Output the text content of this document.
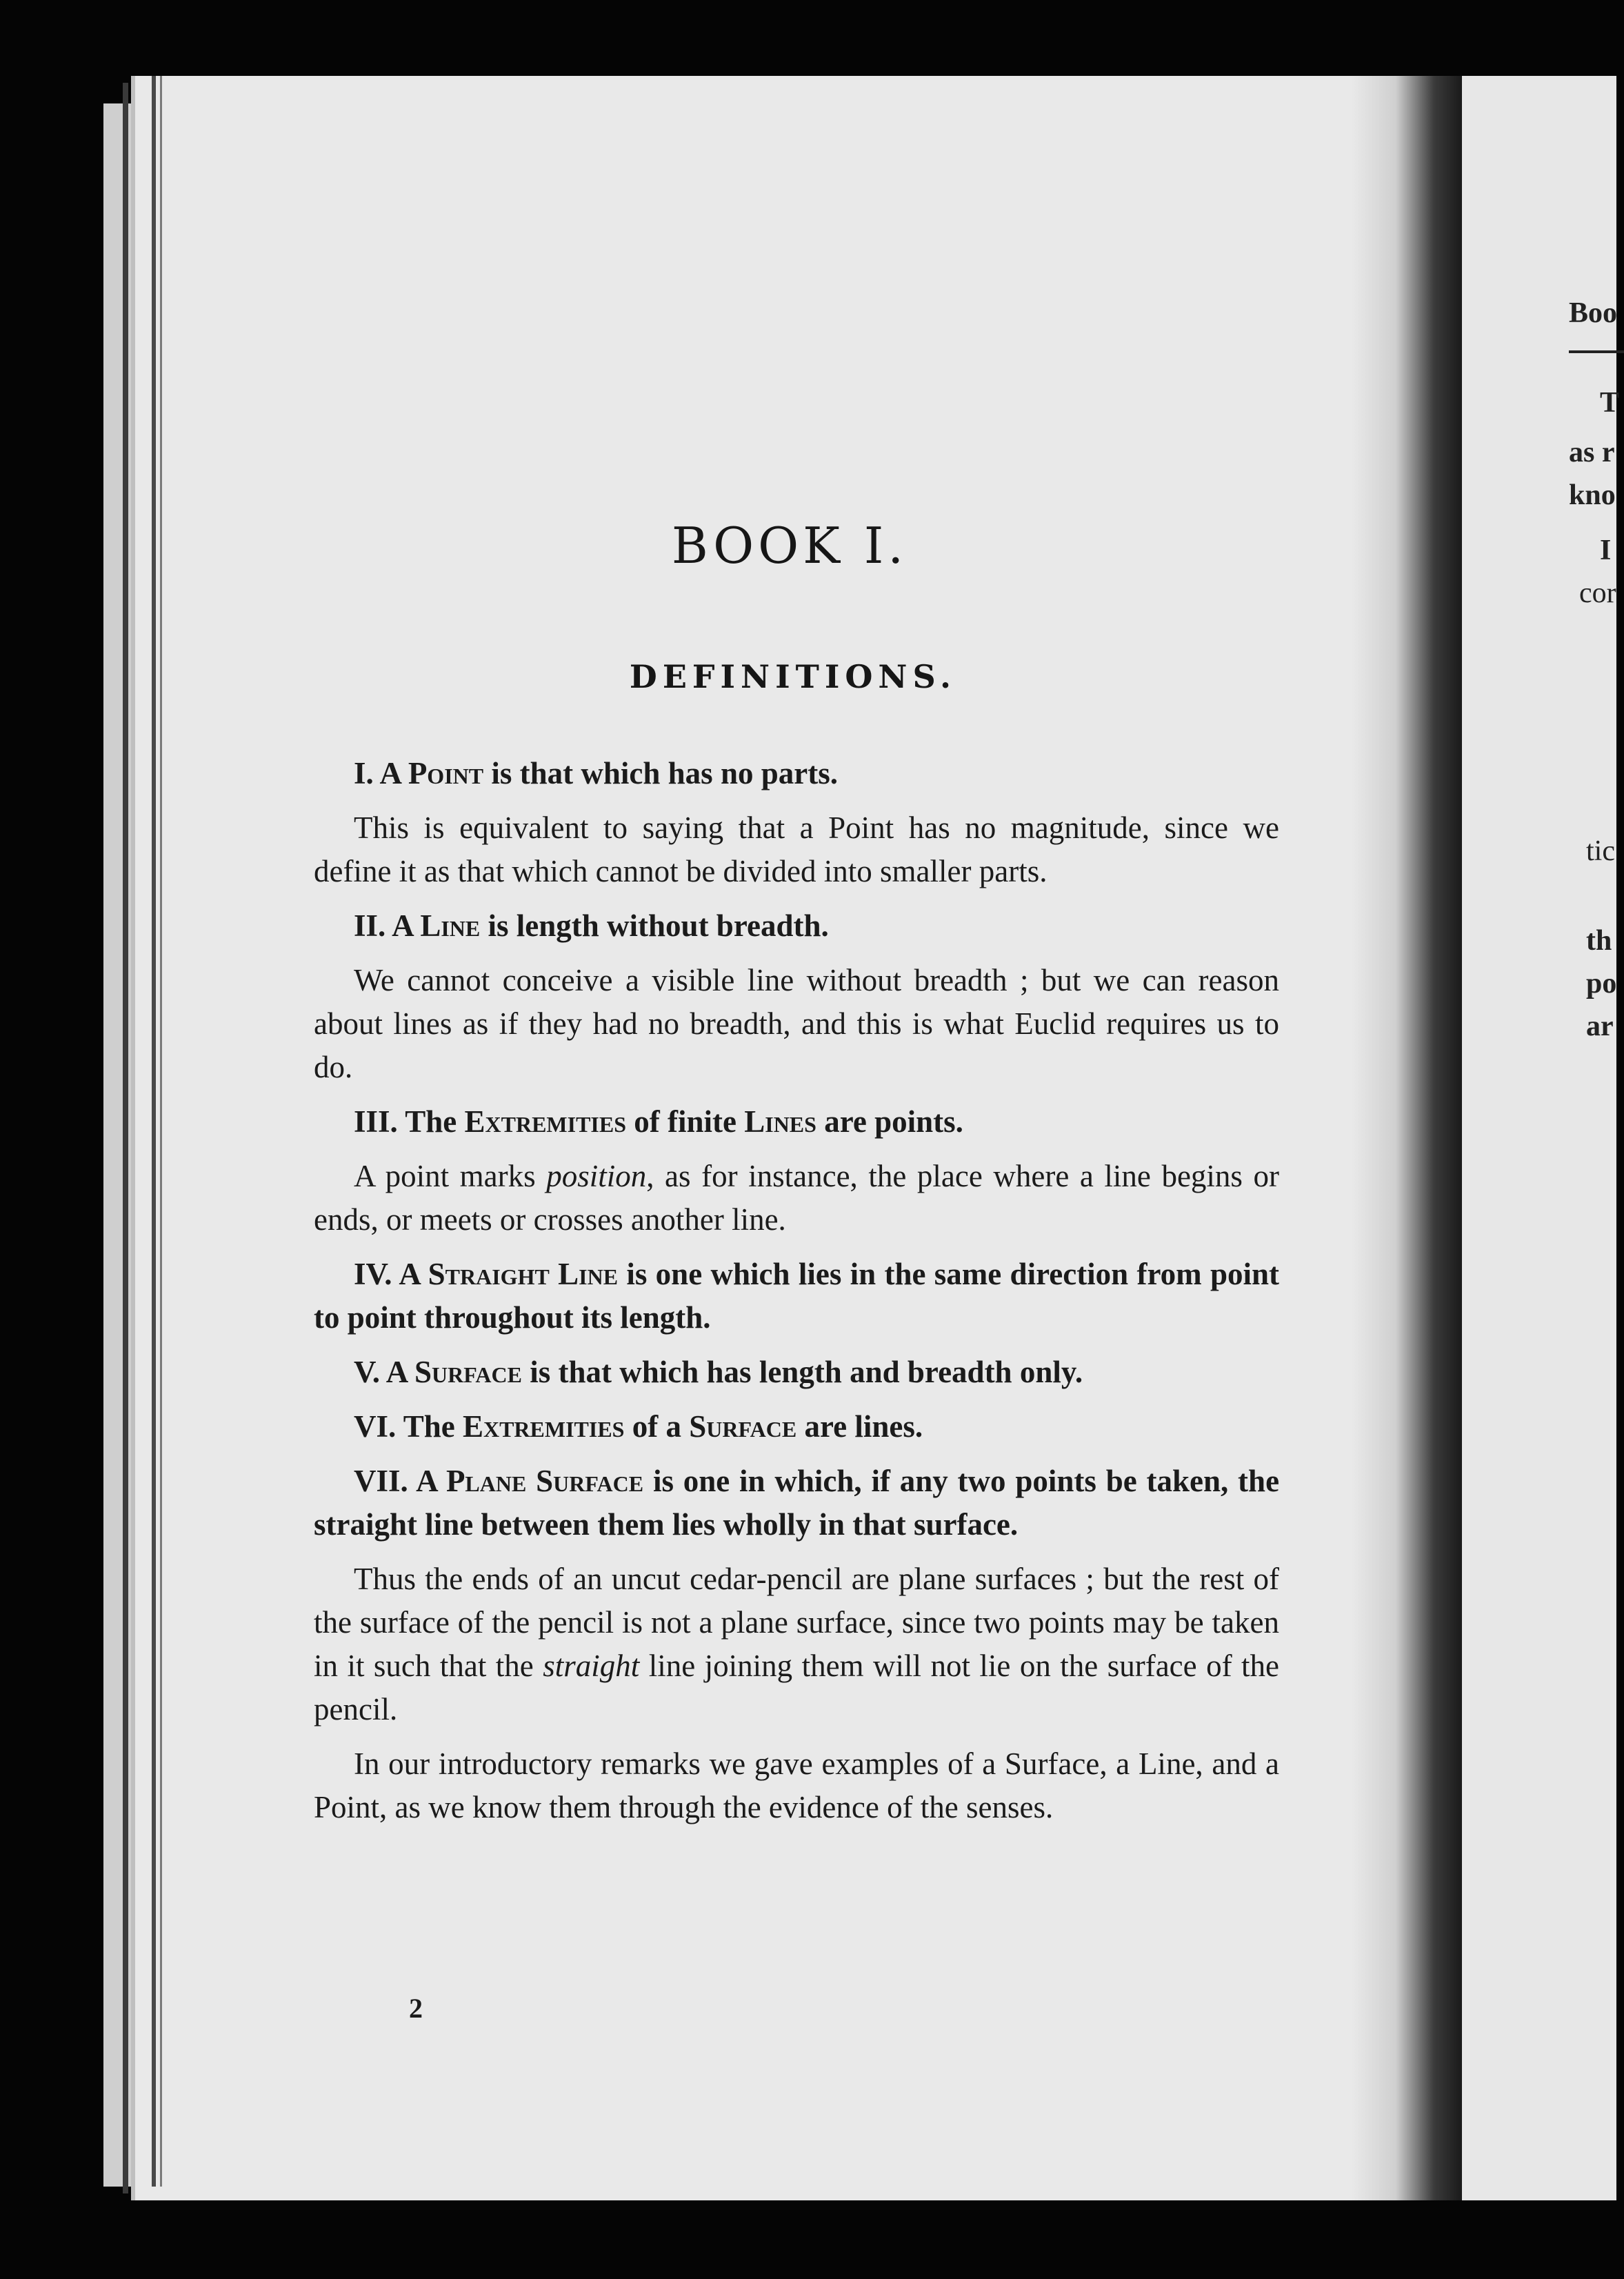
Boo
T
as r
kno
I
cor
tic
th
po
ar
BOOK I.
DEFINITIONS.

I. A Point is that which has no parts.

This is equivalent to saying that a Point has no magnitude, since we define it as that which cannot be divided into smaller parts.

II. A Line is length without breadth.

We cannot conceive a visible line without breadth ; but we can reason about lines as if they had no breadth, and this is what Euclid requires us to do.

III. The Extremities of finite Lines are points.

A point marks position, as for instance, the place where a line begins or ends, or meets or crosses another line.

IV. A Straight Line is one which lies in the same direction from point to point throughout its length.

V. A Surface is that which has length and breadth only.

VI. The Extremities of a Surface are lines.

VII. A Plane Surface is one in which, if any two points be taken, the straight line between them lies wholly in that surface.

Thus the ends of an uncut cedar-pencil are plane surfaces ; but the rest of the surface of the pencil is not a plane surface, since two points may be taken in it such that the straight line joining them will not lie on the surface of the pencil.

In our introductory remarks we gave examples of a Surface, a Line, and a Point, as we know them through the evidence of the senses.

2
